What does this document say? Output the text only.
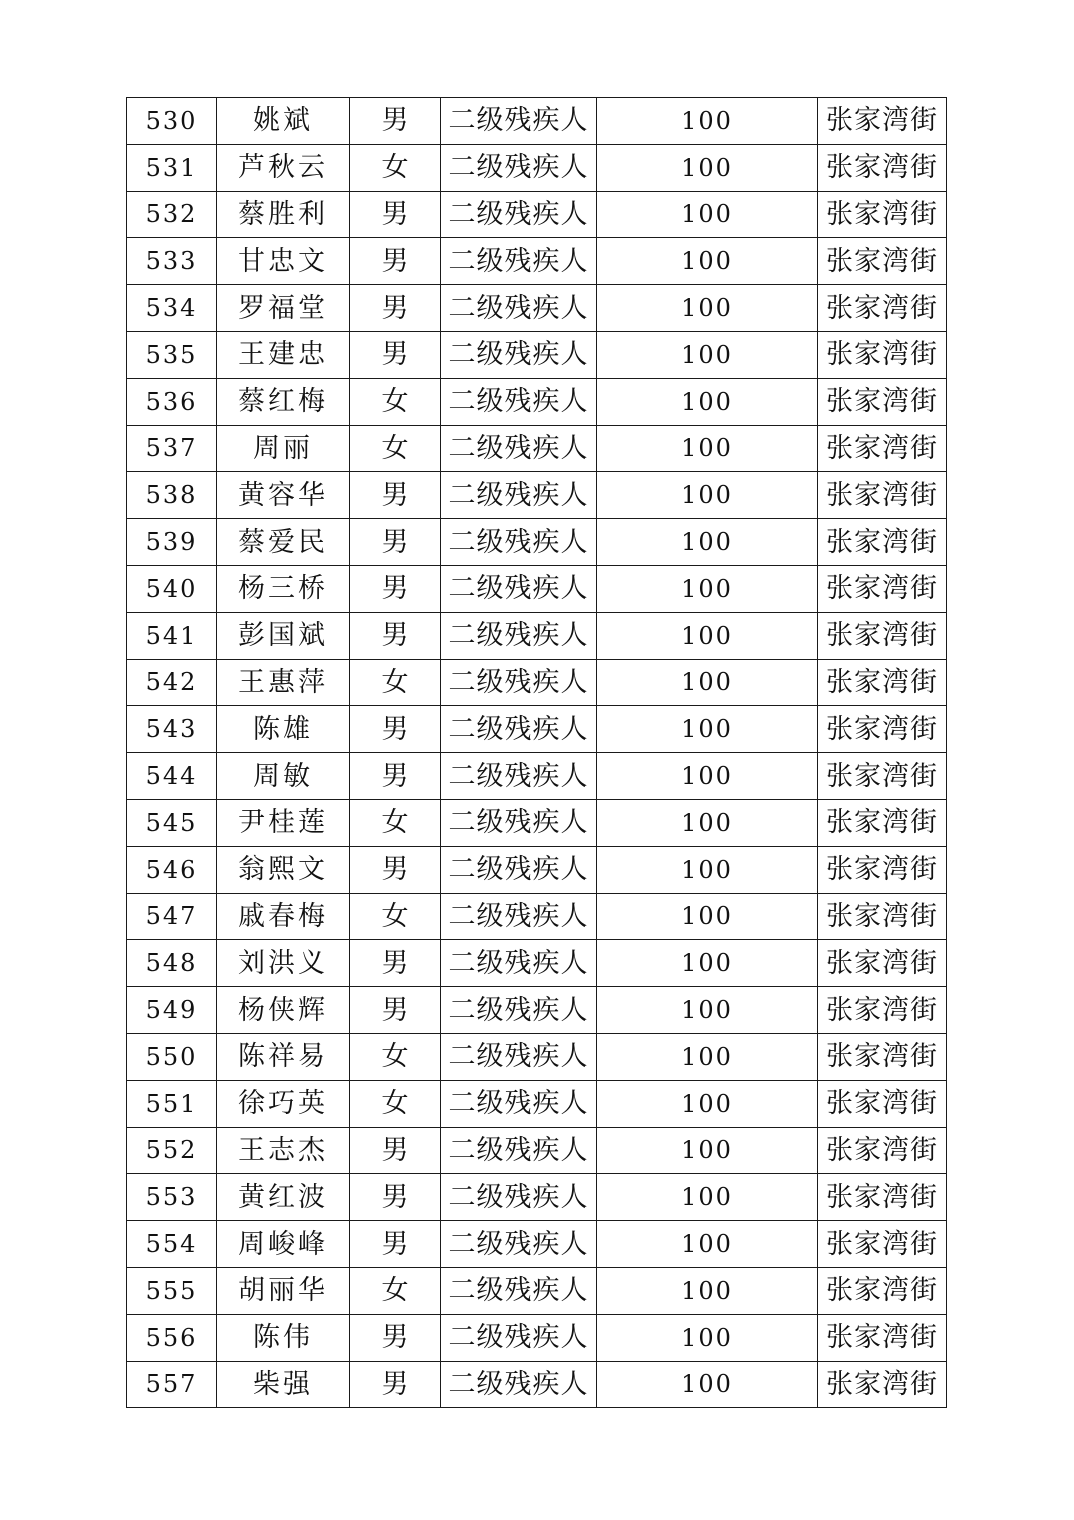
530	姚斌	男	二级残疾人	100	张家湾街
531	芦秋云	女	二级残疾人	100	张家湾街
532	蔡胜利	男	二级残疾人	100	张家湾街
533	甘忠文	男	二级残疾人	100	张家湾街
534	罗福堂	男	二级残疾人	100	张家湾街
535	王建忠	男	二级残疾人	100	张家湾街
536	蔡红梅	女	二级残疾人	100	张家湾街
537	周丽	女	二级残疾人	100	张家湾街
538	黄容华	男	二级残疾人	100	张家湾街
539	蔡爱民	男	二级残疾人	100	张家湾街
540	杨三桥	男	二级残疾人	100	张家湾街
541	彭国斌	男	二级残疾人	100	张家湾街
542	王惠萍	女	二级残疾人	100	张家湾街
543	陈雄	男	二级残疾人	100	张家湾街
544	周敏	男	二级残疾人	100	张家湾街
545	尹桂莲	女	二级残疾人	100	张家湾街
546	翁熙文	男	二级残疾人	100	张家湾街
547	戚春梅	女	二级残疾人	100	张家湾街
548	刘洪义	男	二级残疾人	100	张家湾街
549	杨侠辉	男	二级残疾人	100	张家湾街
550	陈祥易	女	二级残疾人	100	张家湾街
551	徐巧英	女	二级残疾人	100	张家湾街
552	王志杰	男	二级残疾人	100	张家湾街
553	黄红波	男	二级残疾人	100	张家湾街
554	周峻峰	男	二级残疾人	100	张家湾街
555	胡丽华	女	二级残疾人	100	张家湾街
556	陈伟	男	二级残疾人	100	张家湾街
557	柴强	男	二级残疾人	100	张家湾街
